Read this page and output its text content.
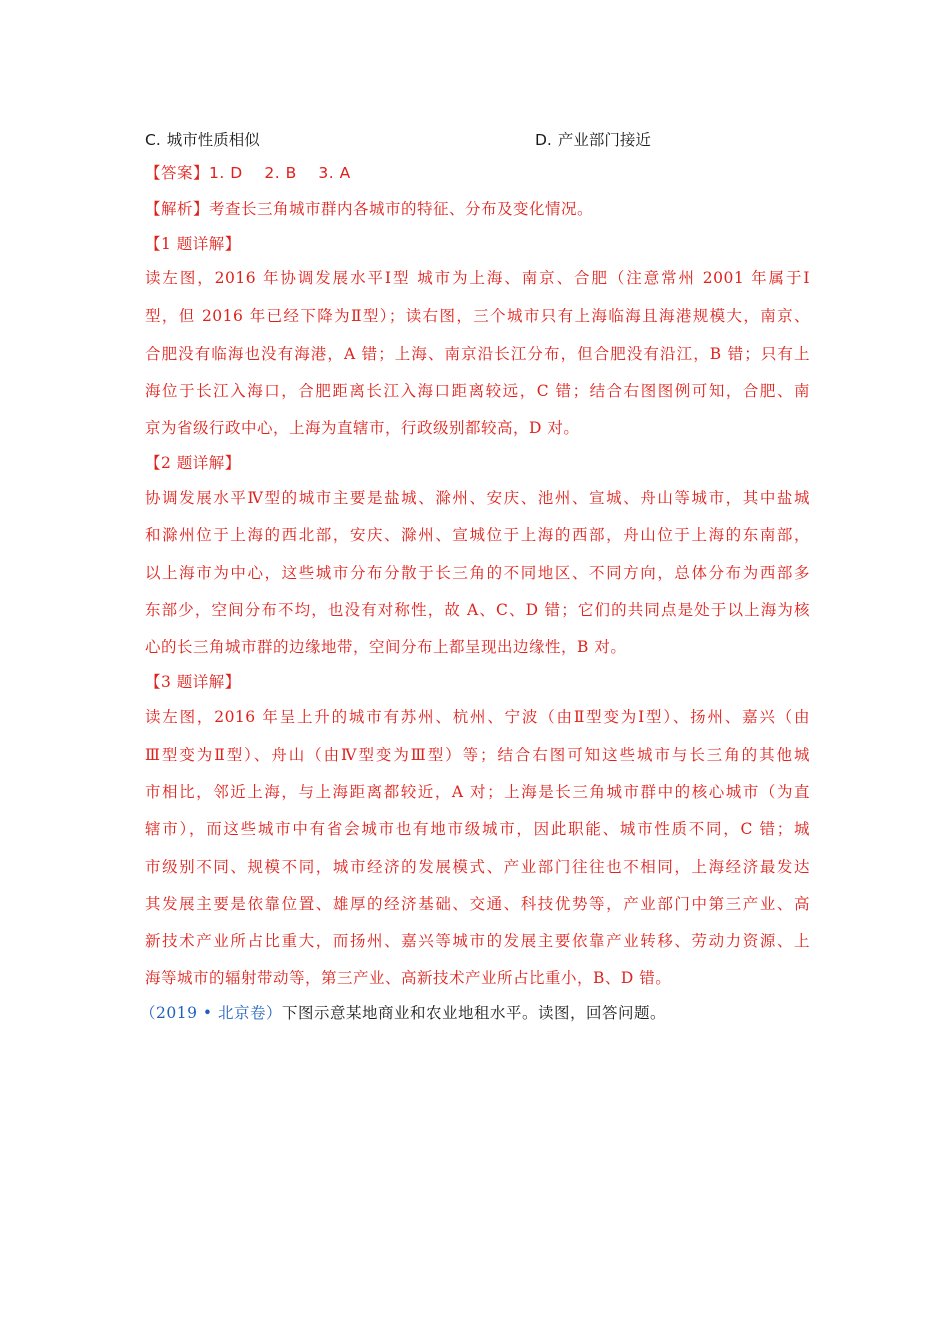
C. 城市性质相似	D. 产业部门接近
【答案】1. D    2. B    3. A
【解析】考查长三角城市群内各城市的特征、分布及变化情况。
【1 题详解】
读左图，2016 年协调发展水平Ⅰ型 城市为上海、南京、合肥（注意常州 2001 年属于Ⅰ
型，但 2016 年已经下降为Ⅱ型）；读右图，三个城市只有上海临海且海港规模大，南京、
合肥没有临海也没有海港，A 错；上海、南京沿长江分布，但合肥没有沿江，B 错；只有上
海位于长江入海口，合肥距离长江入海口距离较远，C 错；结合右图图例可知，合肥、南
京为省级行政中心，上海为直辖市，行政级别都较高，D 对。
【2 题详解】
协调发展水平Ⅳ型的城市主要是盐城、滁州、安庆、池州、宣城、舟山等城市，其中盐城
和滁州位于上海的西北部，安庆、滁州、宣城位于上海的西部，舟山位于上海的东南部，
以上海市为中心，这些城市分布分散于长三角的不同地区、不同方向，总体分布为西部多
东部少，空间分布不均，也没有对称性，故 A、C、D 错；它们的共同点是处于以上海为核
心的长三角城市群的边缘地带，空间分布上都呈现出边缘性，B 对。
【3 题详解】
读左图，2016 年呈上升的城市有苏州、杭州、宁波（由Ⅱ型变为Ⅰ型）、扬州、嘉兴（由
Ⅲ型变为Ⅱ型）、舟山（由Ⅳ型变为Ⅲ型）等；结合右图可知这些城市与长三角的其他城
市相比，邻近上海，与上海距离都较近，A 对；上海是长三角城市群中的核心城市（为直
辖市），而这些城市中有省会城市也有地市级城市，因此职能、城市性质不同，C 错；城
市级别不同、规模不同，城市经济的发展模式、产业部门往往也不相同，上海经济最发达
其发展主要是依靠位置、雄厚的经济基础、交通、科技优势等，产业部门中第三产业、高
新技术产业所占比重大，而扬州、嘉兴等城市的发展主要依靠产业转移、劳动力资源、上
海等城市的辐射带动等，第三产业、高新技术产业所占比重小，B、D 错。
（2019 • 北京卷）下图示意某地商业和农业地租水平。读图，回答问题。
